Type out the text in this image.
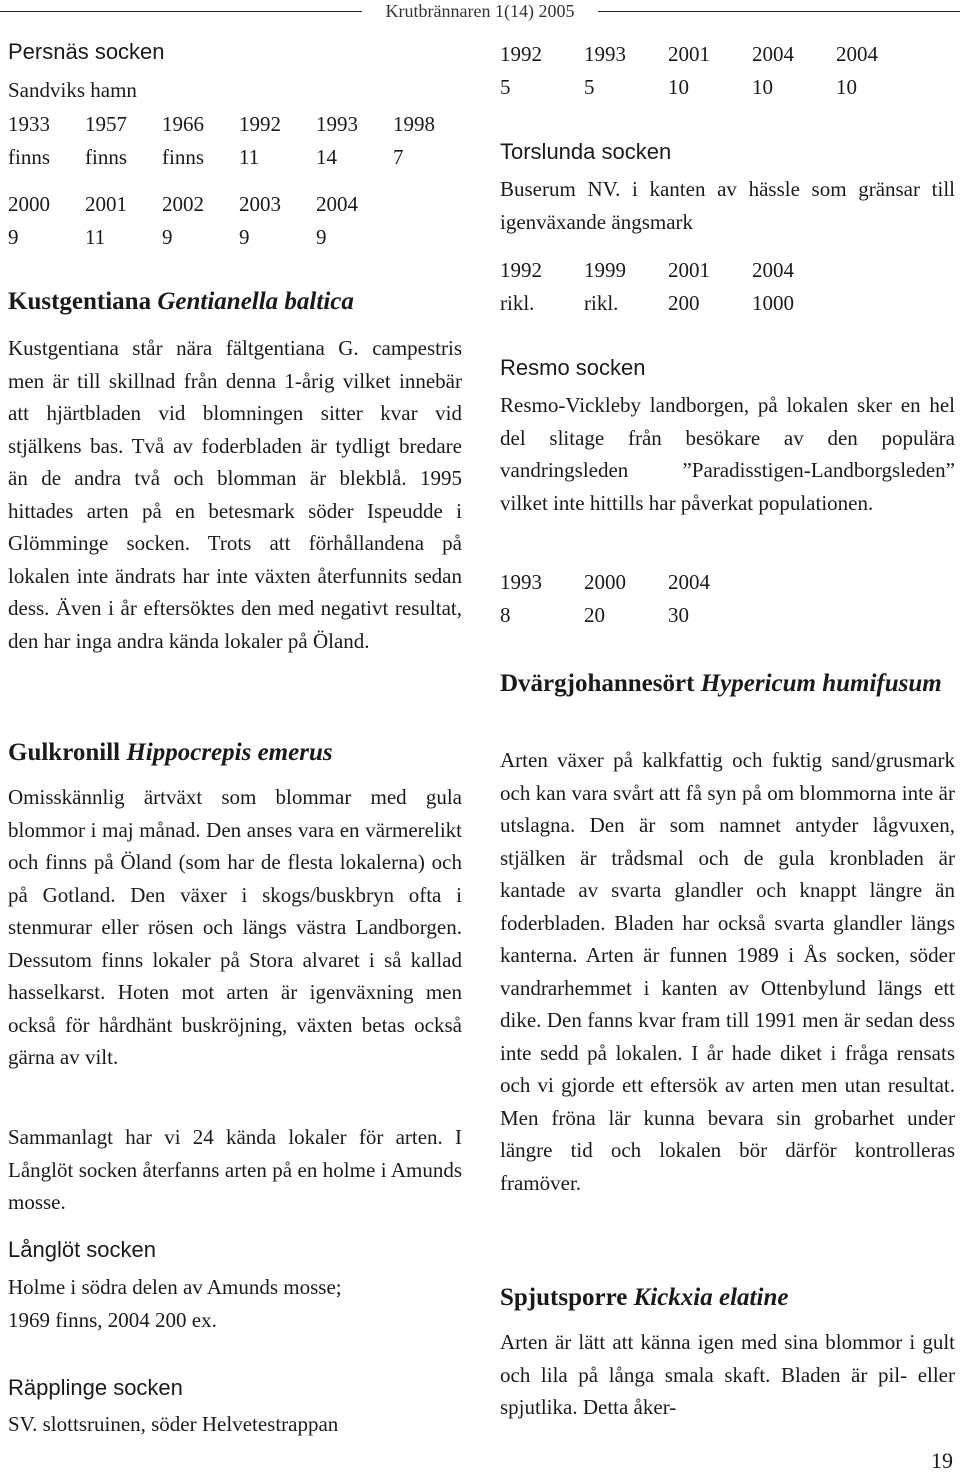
Krutbrännaren 1(14) 2005
Persnäs socken
Sandviks hamn
1933 1957 1966 1992 1993 1998
finns finns finns 11	14	7
2000 2001 2002 2003 2004
9	11	9	9	9
Kustgentiana Gentianella baltica
Kustgentiana står nära fältgentiana G. campestris men är till skillnad från denna 1-årig vilket innebär att hjärtbladen vid blomningen sitter kvar vid stjälkens bas. Två av foderbladen är tydligt bredare än de andra två och blomman är blekblå. 1995 hittades arten på en betesmark söder Ispeudde i Glömminge socken. Trots att förhållandena på lokalen inte ändrats har inte växten återfunnits sedan dess. Även i år eftersöktes den med negativt resultat, den har inga andra kända lokaler på Öland.
Gulkronill Hippocrepis emerus
Omisskännlig ärtväxt som blommar med gula blommor i maj månad. Den anses vara en värmerelikt och finns på Öland (som har de flesta lokalerna) och på Gotland. Den växer i skogs/buskbryn ofta i stenmurar eller rösen och längs västra Landborgen. Dessutom finns lokaler på Stora alvaret i så kallad hasselkarst. Hoten mot arten är igenväxning men också för hårdhänt buskröjning, växten betas också gärna av vilt.
Sammanlagt har vi 24 kända lokaler för arten. I Långlöt socken återfanns arten på en holme i Amunds mosse.
Långlöt socken
Holme i södra delen av Amunds mosse;
1969 finns, 2004 200 ex.
Räpplinge socken
SV. slottsruinen, söder Helvetestrappan
1992 1993 2001 2004 2004
5	5	10	10	10
Torslunda socken
Buserum NV. i kanten av hässle som gränsar till igenväxande ängsmark
1992 1999 2001 2004
rikl. rikl. 200	1000
Resmo socken
Resmo-Vickleby landborgen, på lokalen sker en hel del slitage från besökare av den populära vandringsleden ”Paradisstigen-Landborgsleden” vilket inte hittills har påverkat populationen.
1993 2000 2004
8	20	30
Dvärgjohannesört Hypericum humifusum
Arten växer på kalkfattig och fuktig sand/grusmark och kan vara svårt att få syn på om blommorna inte är utslagna. Den är som namnet antyder lågvuxen, stjälken är trådsmal och de gula kronbladen är kantade av svarta glandler och knappt längre än foderbladen. Bladen har också svarta glandler längs kanterna. Arten är funnen 1989 i Ås socken, söder vandrarhemmet i kanten av Ottenbylund längs ett dike. Den fanns kvar fram till 1991 men är sedan dess inte sedd på lokalen. I år hade diket i fråga rensats och vi gjorde ett eftersök av arten men utan resultat. Men fröna lär kunna bevara sin grobarhet under längre tid och lokalen bör därför kontrolleras framöver.
Spjutsporre Kickxia elatine
Arten är lätt att känna igen med sina blommor i gult och lila på långa smala skaft. Bladen är pil- eller spjutlika. Detta åker-
19
